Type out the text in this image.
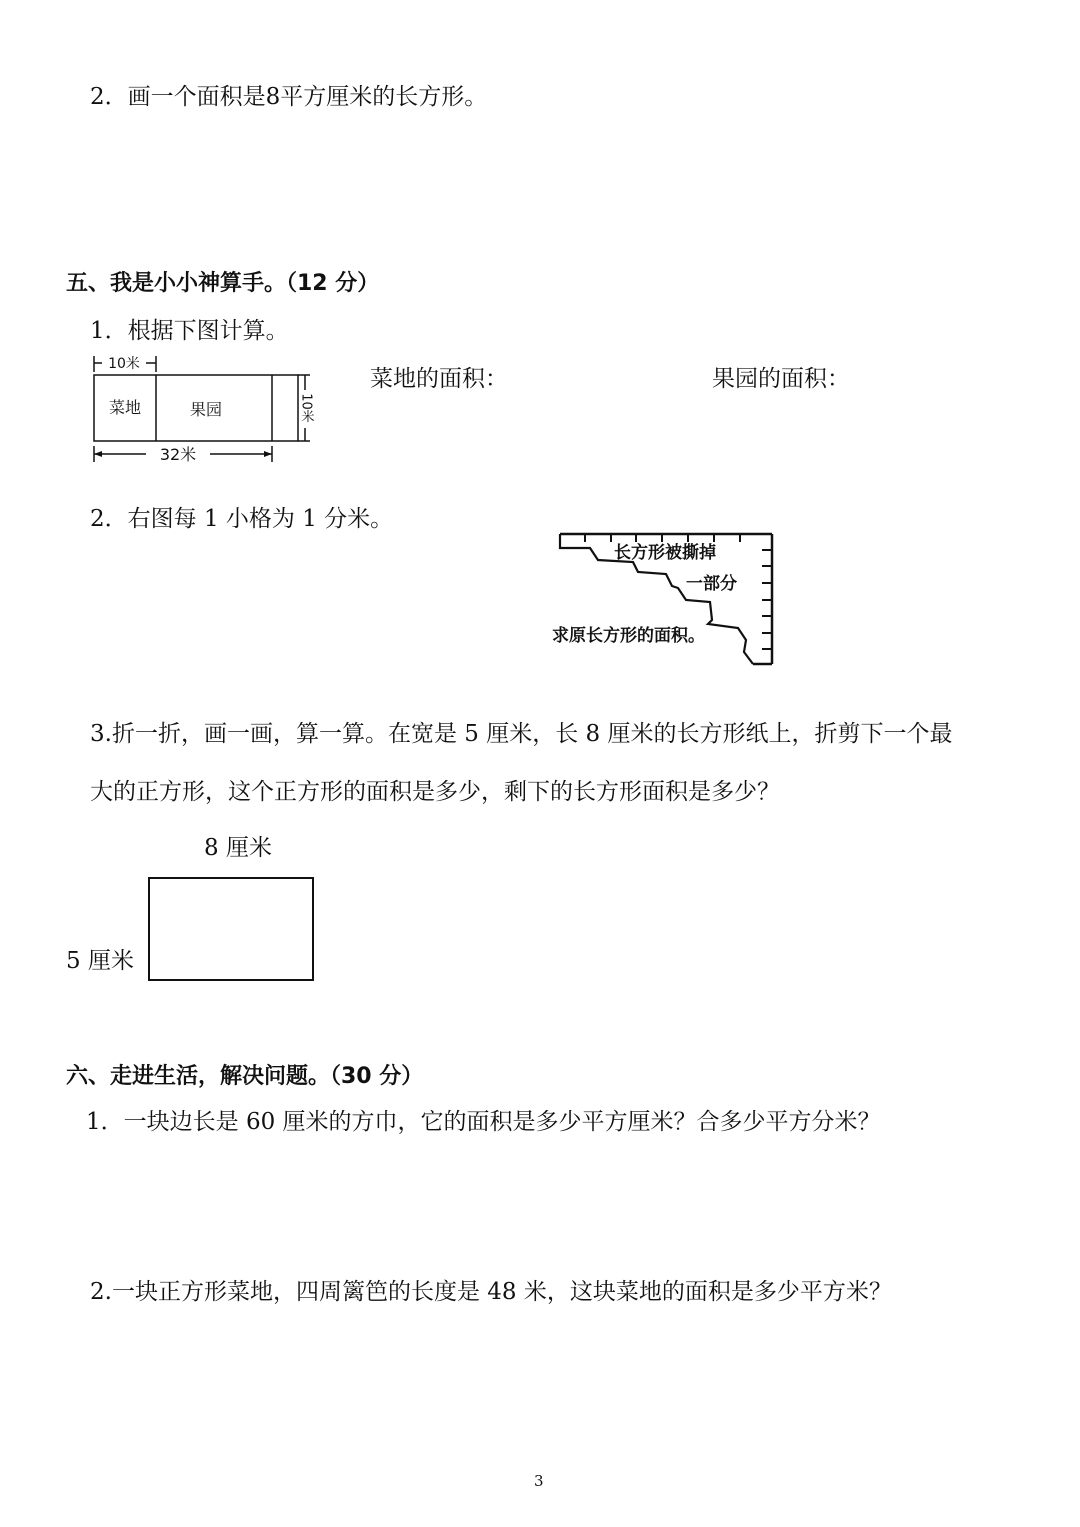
2．画一个面积是8平方厘米的长方形。
五、我是小小神算手。（12 分）
1．根据下图计算。
10米
菜地	果园	10米
32米
菜地的面积：	果园的面积：
2．右图每 1 小格为 1 分米。
长方形被撕掉
一部分
求原长方形的面积。
3.折一折，画一画，算一算。在宽是 5 厘米，长 8 厘米的长方形纸上，折剪下一个最
大的正方形，这个正方形的面积是多少，剩下的长方形面积是多少？
8 厘米
5 厘米
六、走进生活，解决问题。（30 分）
1．一块边长是 60 厘米的方巾，它的面积是多少平方厘米？合多少平方分米？
2.一块正方形菜地，四周篱笆的长度是 48 米，这块菜地的面积是多少平方米？
3
